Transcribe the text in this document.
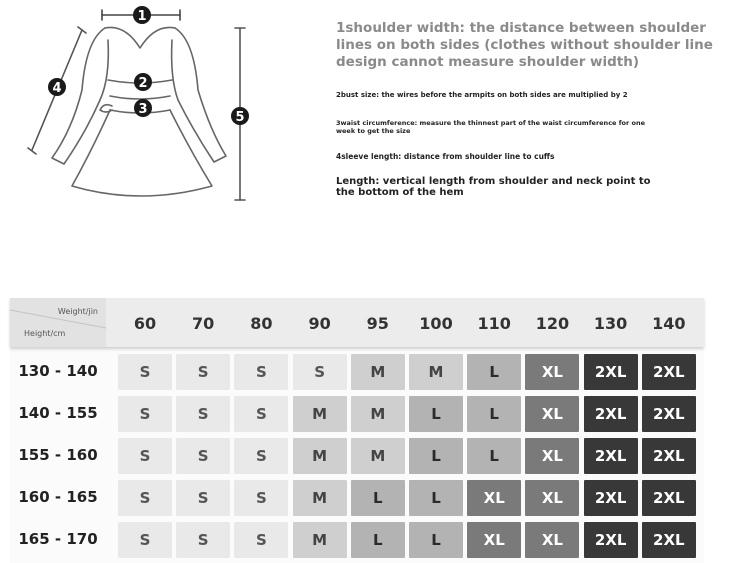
1
2
3
4
5
1shoulder width: the distance between shoulder lines on both sides (clothes without shoulder line design cannot measure shoulder width)
2bust size: the wires before the armpits on both sides are multiplied by 2
3waist circumference: measure the thinnest part of the waist circumference for one week to get the size
4sleeve length: distance from shoulder line to cuffs
Length: vertical length from shoulder and neck point to the bottom of the hem
Weight/jin
Height/cm
60	70	80	90	95	100	110	120	130	140
130 - 140	S	S	S	S	M	M	L	XL	2XL	2XL
140 - 155	S	S	S	M	M	L	L	XL	2XL	2XL
155 - 160	S	S	S	M	M	L	L	XL	2XL	2XL
160 - 165	S	S	S	M	L	L	XL	XL	2XL	2XL
165 - 170	S	S	S	M	L	L	XL	XL	2XL	2XL
